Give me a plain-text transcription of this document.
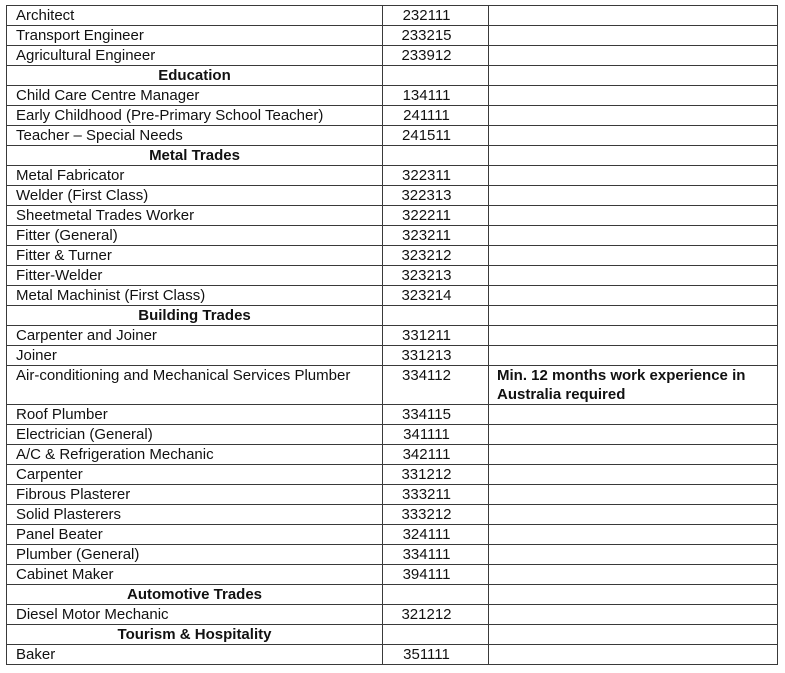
Architect	232111	
Transport Engineer	233215	
Agricultural Engineer	233912	
Education		
Child Care Centre Manager	134111	
Early Childhood (Pre-Primary School Teacher)	241111	
Teacher – Special Needs	241511	
Metal Trades		
Metal Fabricator	322311	
Welder (First Class)	322313	
Sheetmetal Trades Worker	322211	
Fitter (General)	323211	
Fitter & Turner	323212	
Fitter-Welder	323213	
Metal Machinist (First Class)	323214	
Building Trades		
Carpenter and Joiner	331211	
Joiner	331213	
Air-conditioning and Mechanical Services Plumber	334112	Min. 12 months work experience in Australia required
Roof Plumber	334115	
Electrician (General)	341111	
A/C & Refrigeration Mechanic	342111	
Carpenter	331212	
Fibrous Plasterer	333211	
Solid Plasterers	333212	
Panel Beater	324111	
Plumber (General)	334111	
Cabinet Maker	394111	
Automotive Trades		
Diesel Motor Mechanic	321212	
Tourism & Hospitality		
Baker	351111	
